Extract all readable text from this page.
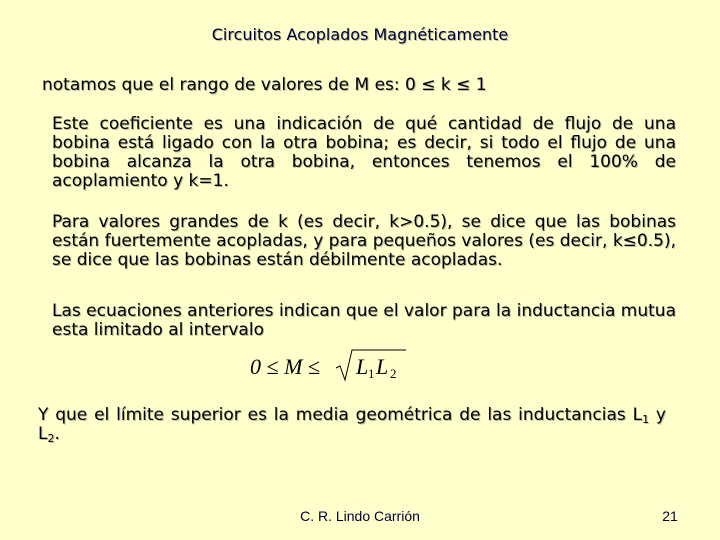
Circuitos Acoplados Magnéticamente
notamos que el rango de valores de M es: 0 ≤ k ≤ 1
Este coeficiente es una indicación de qué cantidad de flujo de una bobina está ligado con la otra bobina; es decir, si todo el flujo de una bobina alcanza la otra bobina, entonces tenemos el 100% de acoplamiento y k=1.
Para valores grandes de k (es decir, k>0.5), se dice que las bobinas están fuertemente acopladas, y para pequeños valores (es decir, k≤0.5), se dice que las bobinas están débilmente acopladas.
Las ecuaciones anteriores indican que el valor para la inductancia mutua esta limitado al intervalo
0 ≤ M ≤ L 1 L 2
Y que el límite superior es la media geométrica de las inductancias $L_1$ y $L_2$.
C. R. Lindo Carrión	21
